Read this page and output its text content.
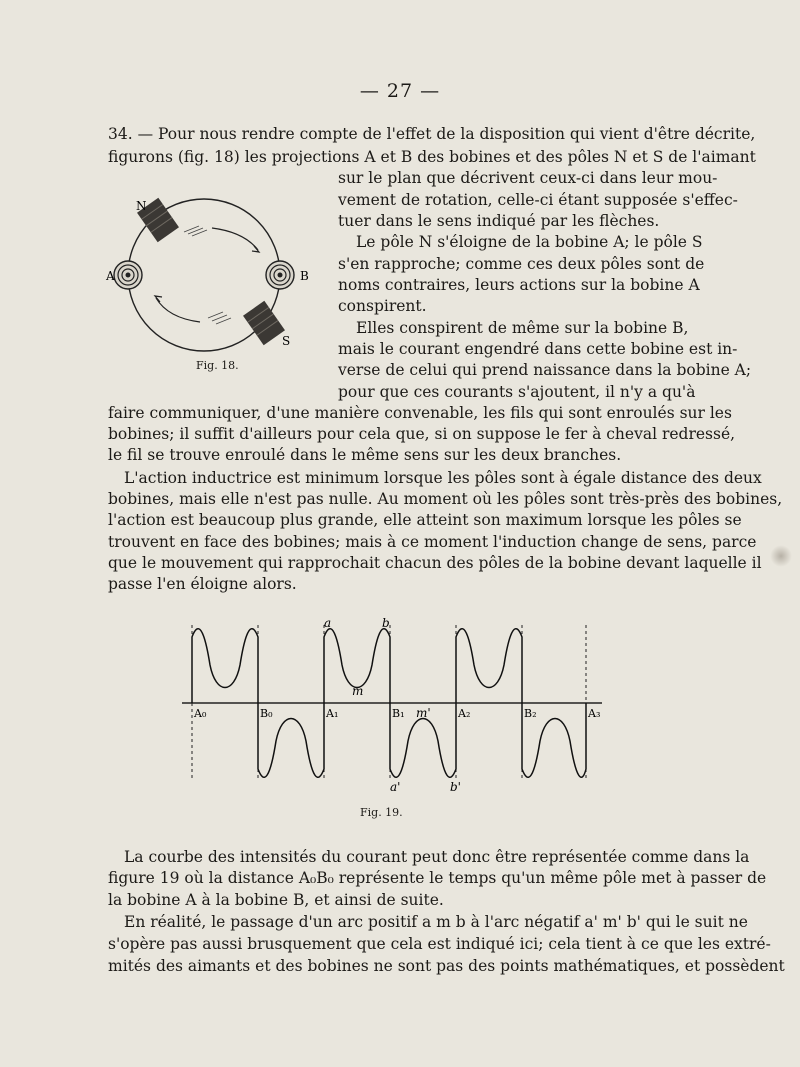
— 27 —
34. — Pour nous rendre compte de l'effet de la disposition qui vient d'être décrite,
figurons (fig. 18) les projections A et B des bobines et des pôles N et S de l'aimant
sur le plan que décrivent ceux-ci dans leur mou-
vement de rotation, celle-ci étant supposée s'effec-
tuer dans le sens indiqué par les flèches.
Le pôle N s'éloigne de la bobine A; le pôle S
s'en rapproche; comme ces deux pôles sont de
noms contraires, leurs actions sur la bobine A
conspirent.
Elles conspirent de même sur la bobine B,
mais le courant engendré dans cette bobine est in-
verse de celui qui prend naissance dans la bobine A;
pour que ces courants s'ajoutent, il n'y a qu'à
faire communiquer, d'une manière convenable, les fils qui sont enroulés sur les
bobines; il suffit d'ailleurs pour cela que, si on suppose le fer à cheval redressé,
le fil se trouve enroulé dans le même sens sur les deux branches.
L'action inductrice est minimum lorsque les pôles sont à égale distance des deux
bobines, mais elle n'est pas nulle. Au moment où les pôles sont très-près des bobines,
l'action est beaucoup plus grande, elle atteint son maximum lorsque les pôles se
trouvent en face des bobines; mais à ce moment l'induction change de sens, parce
que le mouvement qui rapprochait chacun des pôles de la bobine devant laquelle il
passe l'en éloigne alors.
N
S
A	B
Fig. 18.
A₀	B₀	A₁	B₁	A₂	B₂	A₃
a	b
m
m'
a'	b'
Fig. 19.
La courbe des intensités du courant peut donc être représentée comme dans la
figure 19 où la distance A₀B₀ représente le temps qu'un même pôle met à passer de
la bobine A à la bobine B, et ainsi de suite.
En réalité, le passage d'un arc positif a m b à l'arc négatif a' m' b' qui le suit ne
s'opère pas aussi brusquement que cela est indiqué ici; cela tient à ce que les extré-
mités des aimants et des bobines ne sont pas des points mathématiques, et possèdent
